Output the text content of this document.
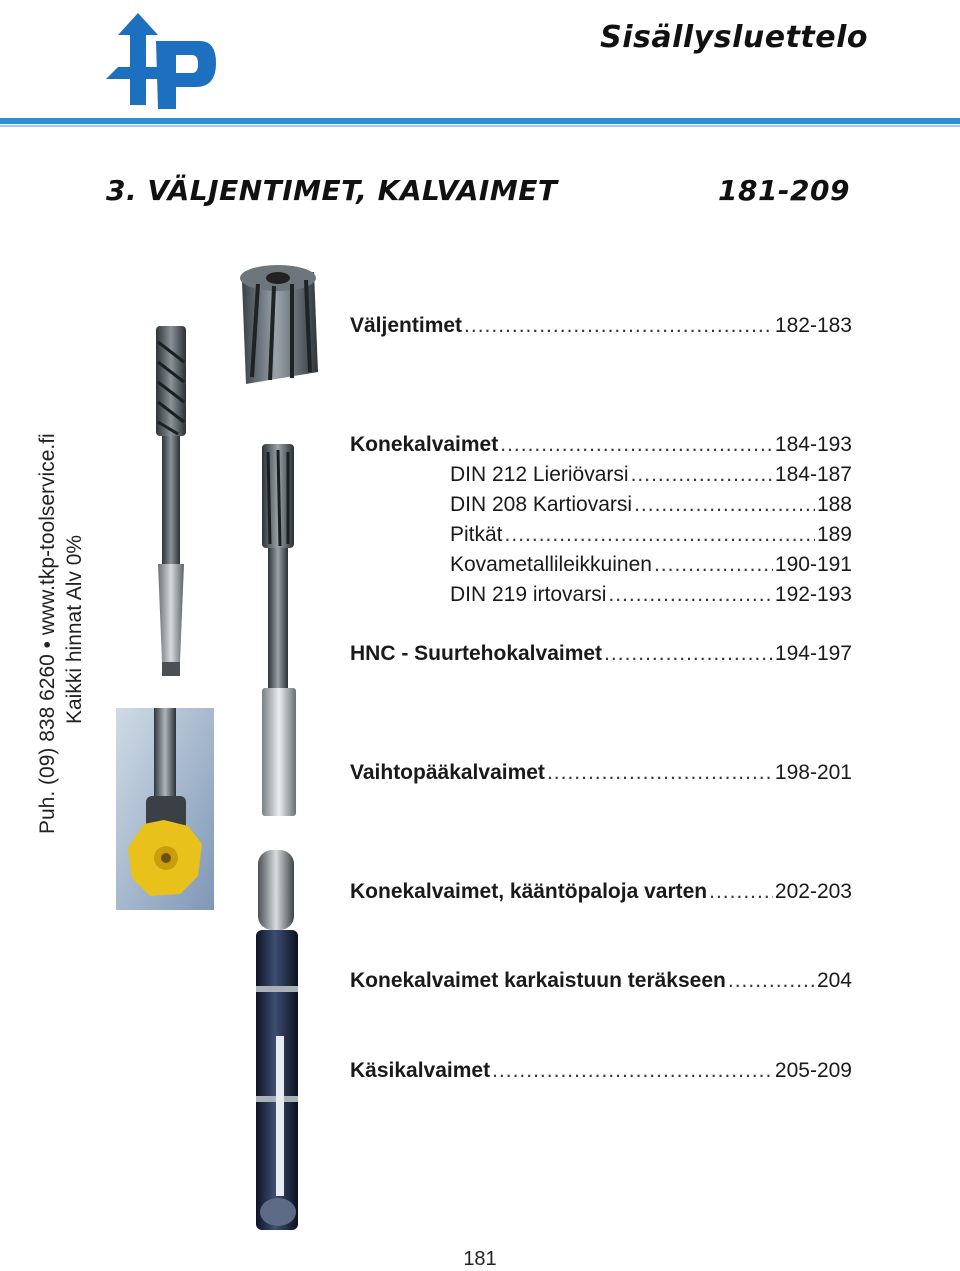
Sisällysluettelo
3. VÄLJENTIMET, KALVAIMET	181-209
Puh. (09) 838 6260 • www.tkp-toolservice.fi Kaikki hinnat Alv 0%
Väljentimet .....	182-183
Konekalvaimet .....	184-193
DIN 212 Lieriövarsi .....	184-187
DIN 208 Kartiovarsi .....	188
Pitkät .....	189
Kovametallileikkuinen .....	190-191
DIN 219 irtovarsi .....	192-193
HNC - Suurtehokalvaimet .....	194-197
Vaihtopääkalvaimet .....	198-201
Konekalvaimet, kääntöpaloja varten .....	202-203
Konekalvaimet karkaistuun teräkseen .....	204
Käsikalvaimet .....	205-209
181
